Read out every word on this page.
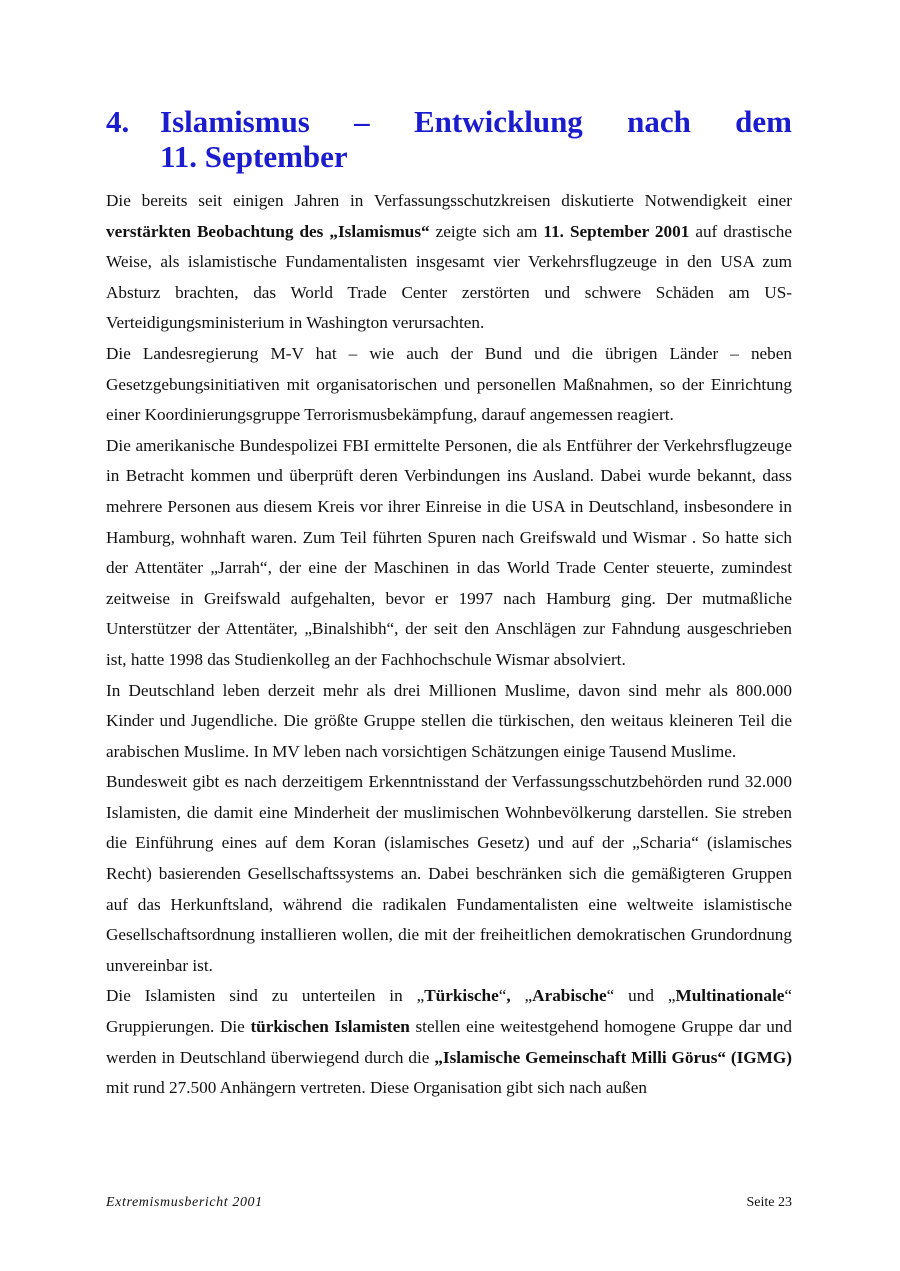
4. Islamismus – Entwicklung nach dem
11. September

Die bereits seit einigen Jahren in Verfassungsschutzkreisen diskutierte Notwendigkeit einer verstärkten Beobachtung des „Islamismus“ zeigte sich am 11. September 2001 auf drastische Weise, als islamistische Fundamentalisten insgesamt vier Verkehrsflugzeuge in den USA zum Absturz brachten, das World Trade Center zerstörten und schwere Schäden am US-Verteidigungsministerium in Washington verursachten.

Die Landesregierung M-V hat – wie auch der Bund und die übrigen Länder – neben Gesetzgebungsinitiativen mit organisatorischen und personellen Maßnahmen, so der Einrichtung einer Koordinierungsgruppe Terrorismusbekämpfung, darauf angemessen reagiert.

Die amerikanische Bundespolizei FBI ermittelte Personen, die als Entführer der Verkehrsflugzeuge in Betracht kommen und überprüft deren Verbindungen ins Ausland. Dabei wurde bekannt, dass mehrere Personen aus diesem Kreis vor ihrer Einreise in die USA in Deutschland, insbesondere in Hamburg, wohnhaft waren. Zum Teil führten Spuren nach Greifswald und Wismar . So hatte sich der Attentäter „Jarrah“, der eine der Maschinen in das World Trade Center steuerte, zumindest zeitweise in Greifswald aufgehalten, bevor er 1997 nach Hamburg ging. Der mutmaßliche Unterstützer der Attentäter, „Binalshibh“, der seit den Anschlägen zur Fahndung ausgeschrieben ist, hatte 1998 das Studienkolleg an der Fachhochschule Wismar absolviert.

In Deutschland leben derzeit mehr als drei Millionen Muslime, davon sind mehr als 800.000 Kinder und Jugendliche. Die größte Gruppe stellen die türkischen, den weitaus kleineren Teil die arabischen Muslime. In MV leben nach vorsichtigen Schätzungen einige Tausend Muslime.

Bundesweit gibt es nach derzeitigem Erkenntnisstand der Verfassungsschutzbehörden rund 32.000 Islamisten, die damit eine Minderheit der muslimischen Wohnbevölkerung darstellen. Sie streben die Einführung eines auf dem Koran (islamisches Gesetz) und auf der „Scharia“ (islamisches Recht) basierenden Gesellschaftssystems an. Dabei beschränken sich die gemäßigteren Gruppen auf das Herkunftsland, während die radikalen Fundamentalisten eine weltweite islamistische Gesellschaftsordnung installieren wollen, die mit der freiheitlichen demokratischen Grundordnung unvereinbar ist.

Die Islamisten sind zu unterteilen in „Türkische“, „Arabische“ und „Multinationale“ Gruppierungen. Die türkischen Islamisten stellen eine weitestgehend homogene Gruppe dar und werden in Deutschland überwiegend durch die „Islamische Gemeinschaft Milli Görus“ (IGMG) mit rund 27.500 Anhängern vertreten. Diese Organisation gibt sich nach außen

Extremismusbericht 2001	Seite 23
